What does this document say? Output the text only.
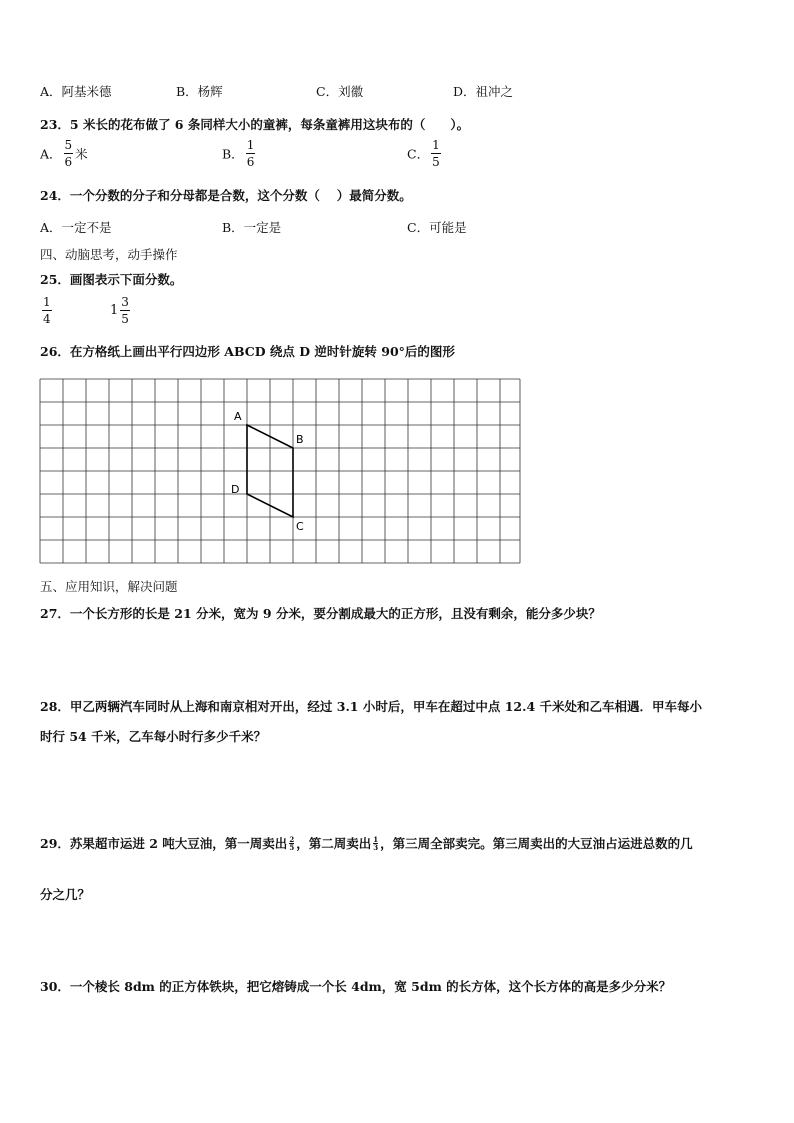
A．阿基米德	B．杨辉	C．刘徽	D．祖冲之
23．5 米长的花布做了 6 条同样大小的童裤，每条童裤用这块布的（　　）。
A． $\frac{5}{6}$ 米	B． $\frac{1}{6}$	C． $\frac{1}{5}$
24．一个分数的分子和分母都是合数，这个分数（　 ）最简分数。
A．一定不是	B．一定是	C．可能是
四、动脑思考，动手操作
25．画图表示下面分数。
$\frac{1}{4}$	$1 \frac{3}{5}$
26．在方格纸上画出平行四边形 ABCD 绕点 D 逆时针旋转 90°后的图形
A
B
C
D
五、应用知识，解决问题
27．一个长方形的长是 21 分米，宽为 9 分米，要分割成最大的正方形，且没有剩余，能分多少块？
28．甲乙两辆汽车同时从上海和南京相对开出，经过 3.1 小时后，甲车在超过中点 12.4 千米处和乙车相遇．甲车每小
时行 54 千米，乙车每小时行多少千米？
29．苏果超市运进 2 吨大豆油，第一周卖出 $\frac{2}{5}$ ，第二周卖出 $\frac{1}{3}$ ，第三周全部卖完。第三周卖出的大豆油占运进总数的几
分之几？
30．一个棱长 8dm 的正方体铁块，把它熔铸成一个长 4dm，宽 5dm 的长方体，这个长方体的高是多少分米？
